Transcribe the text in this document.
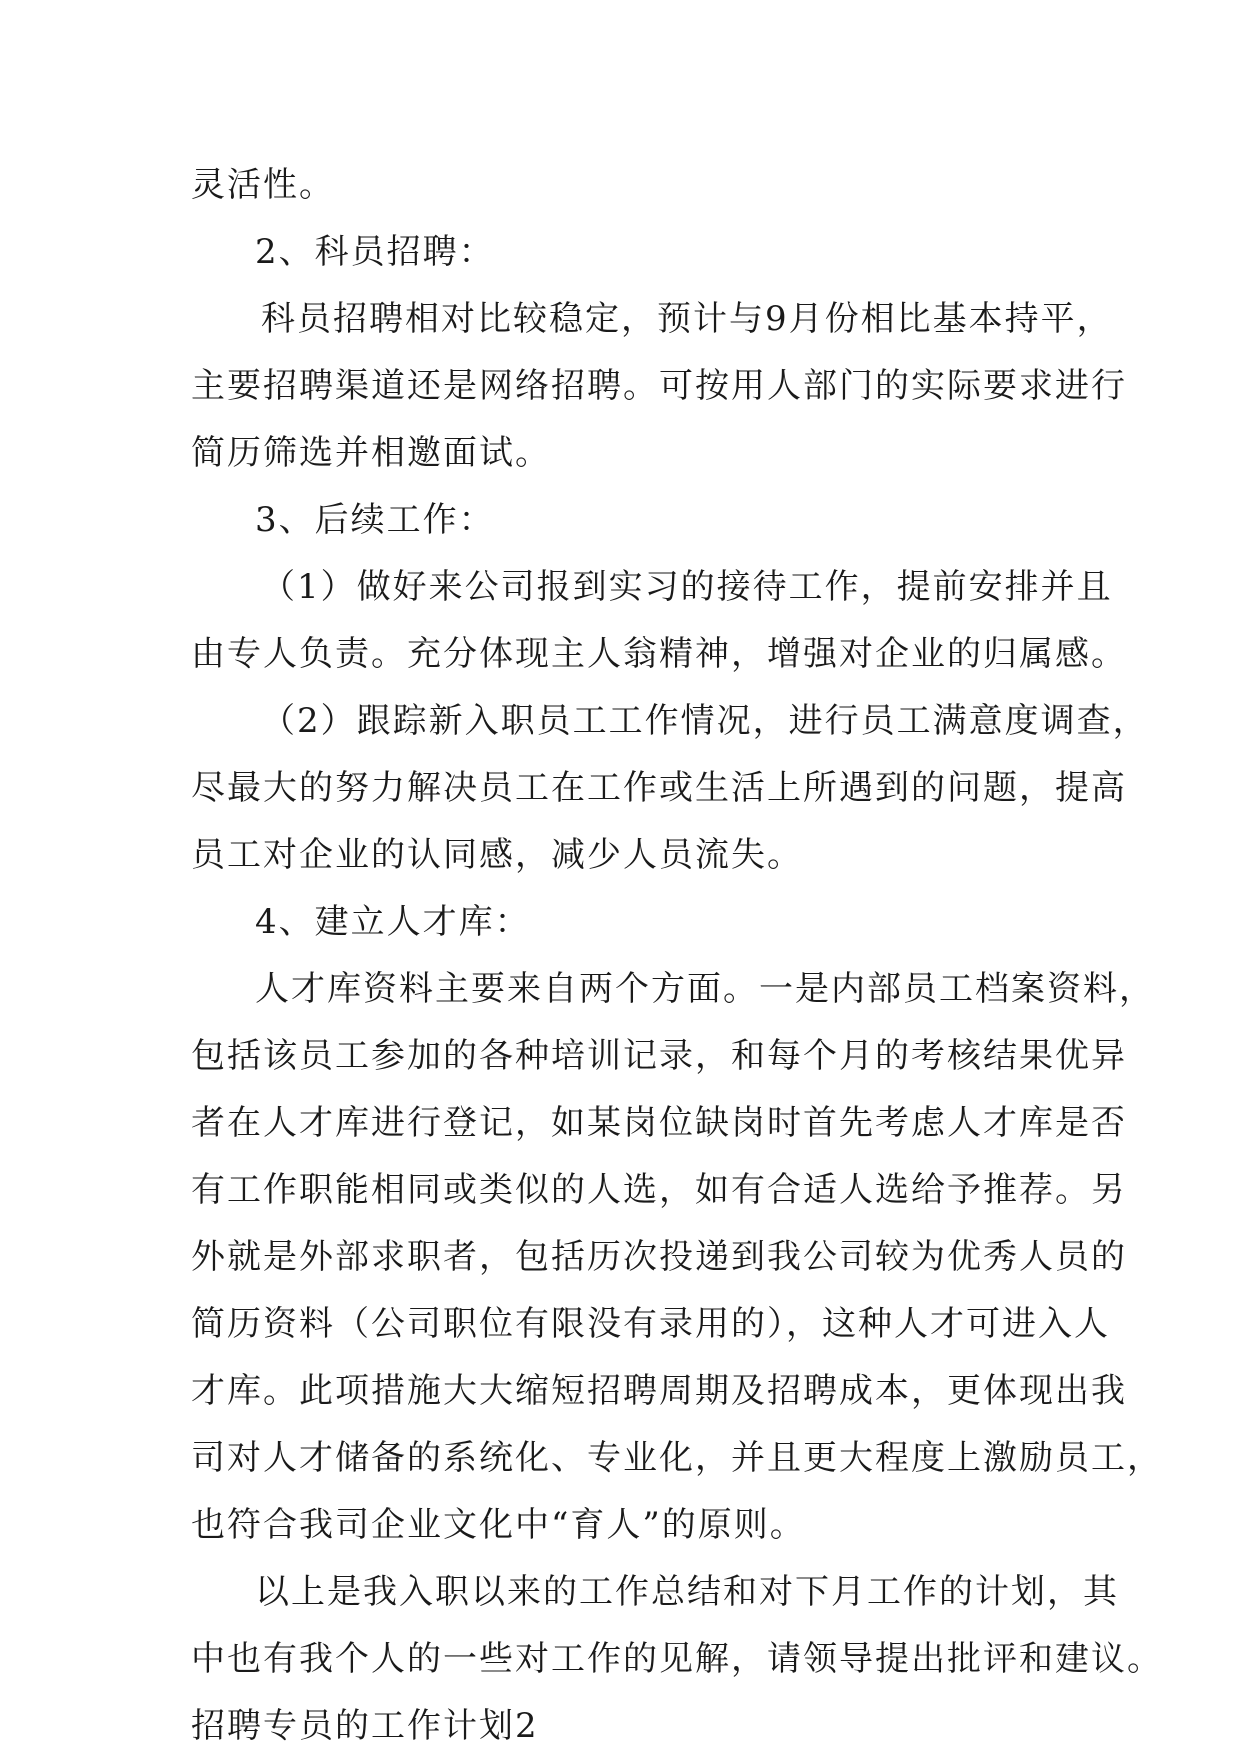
灵活性。
2、科员招聘：
科员招聘相对比较稳定，预计与9月份相比基本持平，
主要招聘渠道还是网络招聘。可按用人部门的实际要求进行
简历筛选并相邀面试。
3、后续工作：
（1）做好来公司报到实习的接待工作，提前安排并且
由专人负责。充分体现主人翁精神，增强对企业的归属感。
（2）跟踪新入职员工工作情况，进行员工满意度调查，
尽最大的努力解决员工在工作或生活上所遇到的问题，提高
员工对企业的认同感，减少人员流失。
4、建立人才库：
人才库资料主要来自两个方面。一是内部员工档案资料，
包括该员工参加的各种培训记录，和每个月的考核结果优异
者在人才库进行登记，如某岗位缺岗时首先考虑人才库是否
有工作职能相同或类似的人选，如有合适人选给予推荐。另
外就是外部求职者，包括历次投递到我公司较为优秀人员的
简历资料（公司职位有限没有录用的），这种人才可进入人
才库。此项措施大大缩短招聘周期及招聘成本，更体现出我
司对人才储备的系统化、专业化，并且更大程度上激励员工，
也符合我司企业文化中“育人”的原则。
以上是我入职以来的工作总结和对下月工作的计划，其
中也有我个人的一些对工作的见解，请领导提出批评和建议。
招聘专员的工作计划2
